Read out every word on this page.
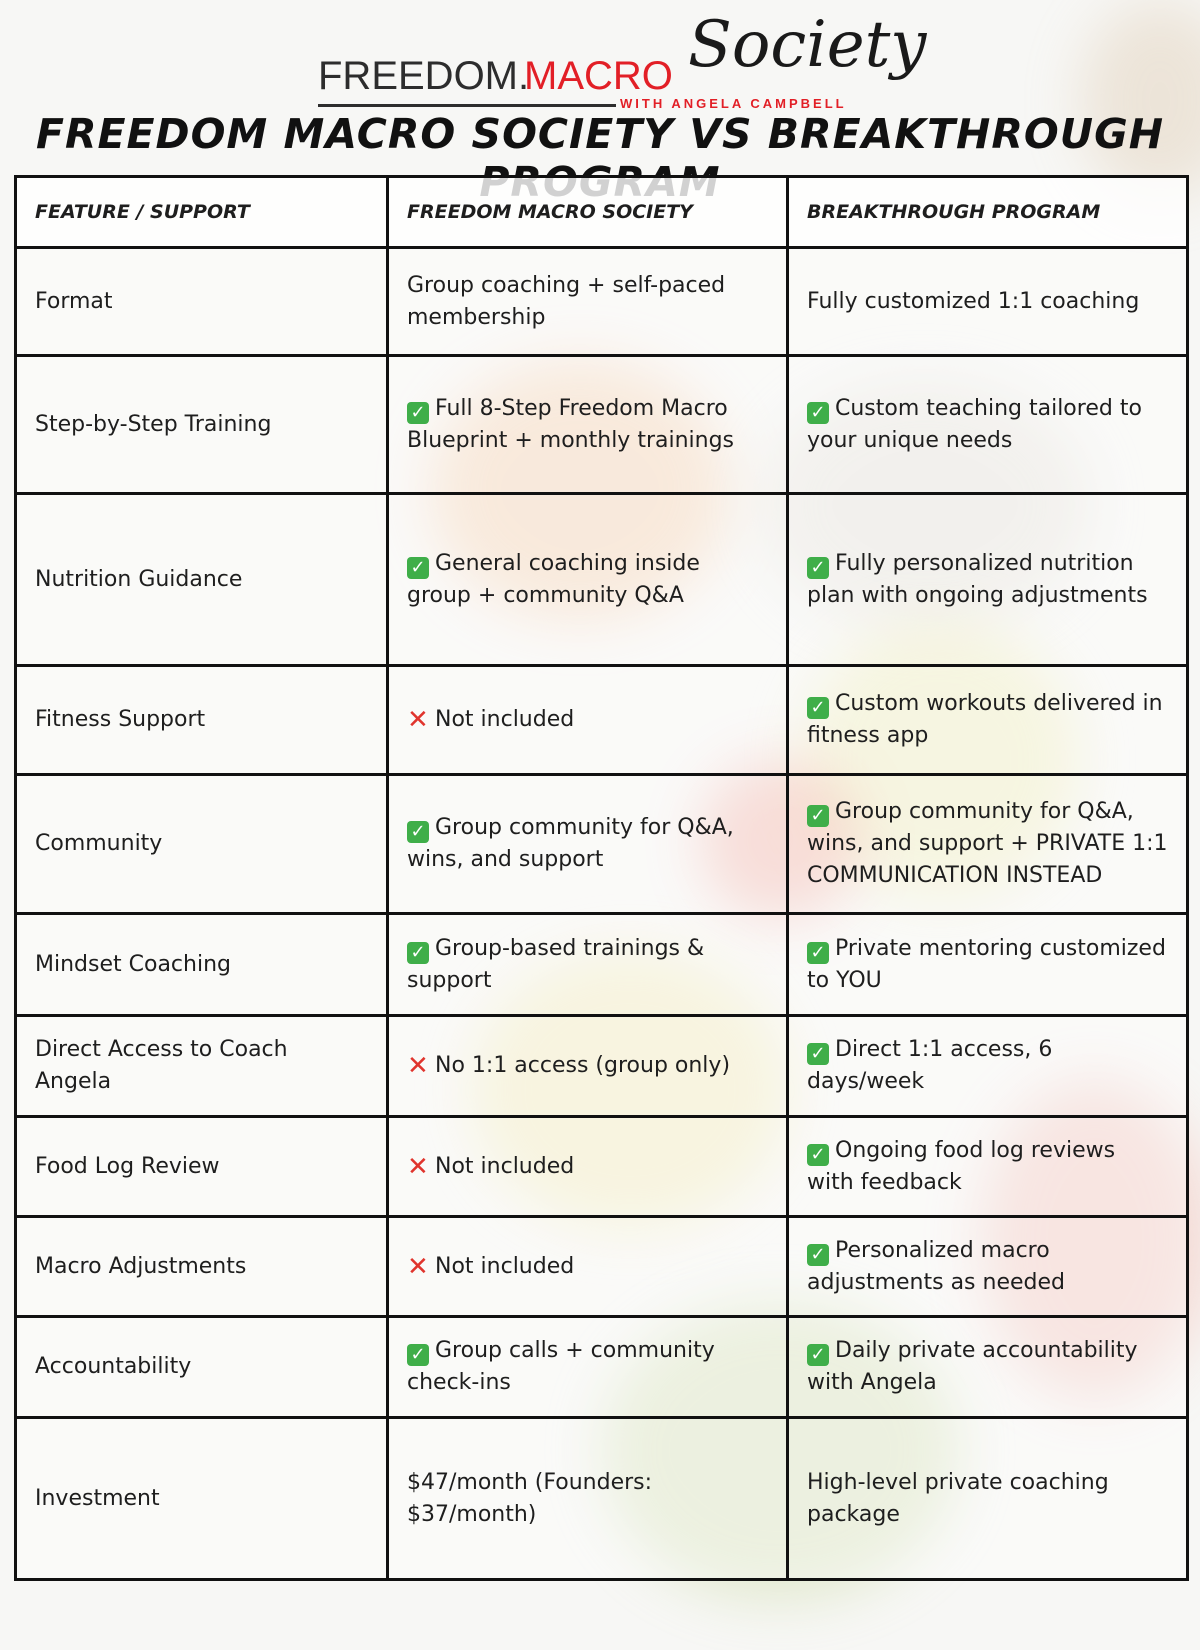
FREEDOM.
MACRO Society
WITH ANGELA CAMPBELL
FREEDOM MACRO SOCIETY VS BREAKTHROUGH
FEATURE / SUPPORT	FREEDOM MACRO SOCIETY	BREAKTHROUGH PROGRAM
Format	Group coaching + self-paced membership	Fully customized 1:1 coaching
Step-by-Step Training	✓ Full 8-Step Freedom Macro Blueprint + monthly trainings	✓ Custom teaching tailored to your unique needs
Nutrition Guidance	✓ General coaching inside group + community Q&A	✓ Fully personalized nutrition plan with ongoing adjustments
Fitness Support	✕ Not included	✓ Custom workouts delivered in fitness app
Community	✓ Group community for Q&A, wins, and support	✓ Group community for Q&A, wins, and support + PRIVATE 1:1 COMMUNICATION INSTEAD
Mindset Coaching	✓ Group-based trainings & support	✓ Private mentoring customized to YOU
Direct Access to Coach Angela	✕ No 1:1 access (group only)	✓ Direct 1:1 access, 6 days/week
Food Log Review	✕ Not included	✓ Ongoing food log reviews with feedback
Macro Adjustments	✕ Not included	✓ Personalized macro adjustments as needed
Accountability	✓ Group calls + community check-ins	✓ Daily private accountability with Angela
Investment	$47/month (Founders: $37/month)	High-level private coaching package
